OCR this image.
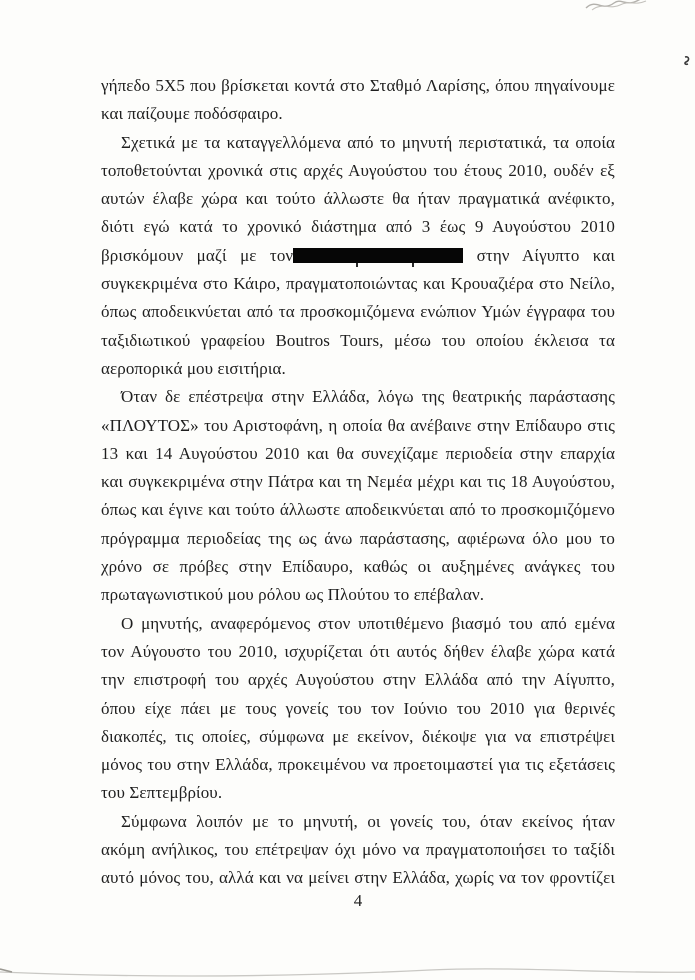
γήπεδο 5X5 που βρίσκεται κοντά στο Σταθμό Λαρίσης, όπου πηγαίνουμε
και παίζουμε ποδόσφαιρο.
Σχετικά με τα καταγγελλόμενα από το μηνυτή περιστατικά, τα οποία
τοποθετούνται χρονικά στις αρχές Αυγούστου του έτους 2010, ουδέν εξ
αυτών έλαβε χώρα και τούτο άλλωστε θα ήταν πραγματικά ανέφικτο,
διότι εγώ κατά το χρονικό διάστημα από 3 έως 9 Αυγούστου 2010
βρισκόμουν μαζί με τον	στην Αίγυπτο και
συγκεκριμένα στο Κάιρο, πραγματοποιώντας και Κρουαζιέρα στο Νείλο,
όπως αποδεικνύεται από τα προσκομιζόμενα ενώπιον Υμών έγγραφα του
ταξιδιωτικού γραφείου Boutros Tours, μέσω του οποίου έκλεισα τα
αεροπορικά μου εισιτήρια.
Όταν δε επέστρεψα στην Ελλάδα, λόγω της θεατρικής παράστασης
«ΠΛΟΥΤΟΣ» του Αριστοφάνη, η οποία θα ανέβαινε στην Επίδαυρο στις
13 και 14 Αυγούστου 2010 και θα συνεχίζαμε περιοδεία στην επαρχία
και συγκεκριμένα στην Πάτρα και τη Νεμέα μέχρι και τις 18 Αυγούστου,
όπως και έγινε και τούτο άλλωστε αποδεικνύεται από το προσκομιζόμενο
πρόγραμμα περιοδείας της ως άνω παράστασης, αφιέρωνα όλο μου το
χρόνο σε πρόβες στην Επίδαυρο, καθώς οι αυξημένες ανάγκες του
πρωταγωνιστικού μου ρόλου ως Πλούτου το επέβαλαν.
Ο μηνυτής, αναφερόμενος στον υποτιθέμενο βιασμό του από εμένα
τον Αύγουστο του 2010, ισχυρίζεται ότι αυτός δήθεν έλαβε χώρα κατά
την επιστροφή του αρχές Αυγούστου στην Ελλάδα από την Αίγυπτο,
όπου είχε πάει με τους γονείς του τον Ιούνιο του 2010 για θερινές
διακοπές, τις οποίες, σύμφωνα με εκείνον, διέκοψε για να επιστρέψει
μόνος του στην Ελλάδα, προκειμένου να προετοιμαστεί για τις εξετάσεις
του Σεπτεμβρίου.
Σύμφωνα λοιπόν με το μηνυτή, οι γονείς του, όταν εκείνος ήταν
ακόμη ανήλικος, του επέτρεψαν όχι μόνο να πραγματοποιήσει το ταξίδι
αυτό μόνος του, αλλά και να μείνει στην Ελλάδα, χωρίς να τον φροντίζει
4
